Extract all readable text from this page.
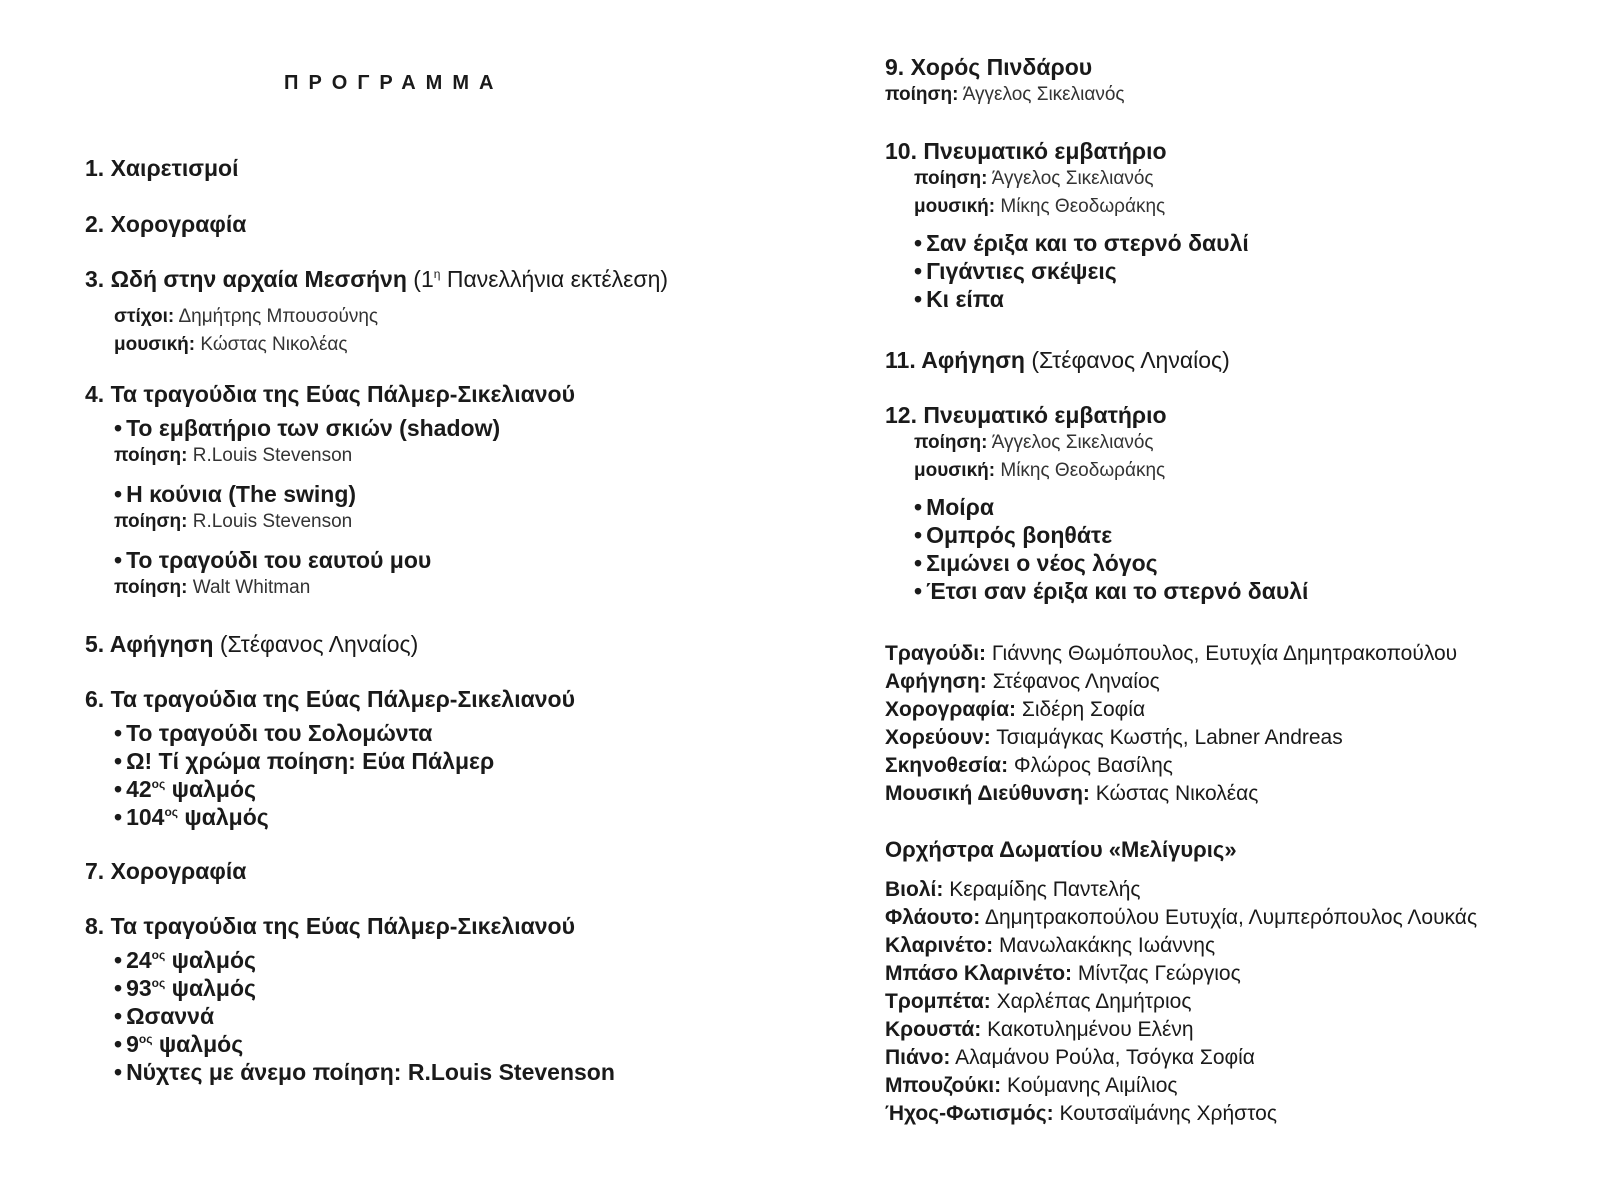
ΠΡΟΓΡΑΜΜΑ
1. Χαιρετισμοί
2. Χορογραφία
3. Ωδή στην αρχαία Μεσσήνη ($1^\eta$ Πανελλήνια εκτέλεση)
στίχοι: Δημήτρης Μπουσούνης
μουσική: Κώστας Νικολέας
4. Τα τραγούδια της Εύας Πάλμερ-Σικελιανού
• Το εμβατήριο των σκιών (shadow)
ποίηση: R.Louis Stevenson
• Η κούνια (The swing)
ποίηση: R.Louis Stevenson
• Το τραγούδι του εαυτού μου
ποίηση: Walt Whitman
5. Αφήγηση (Στέφανος Ληναίος)
6. Τα τραγούδια της Εύας Πάλμερ-Σικελιανού
• Το τραγούδι του Σολομώντα
• Ω! Τί χρώμα ποίηση: Εύα Πάλμερ
• $42^{o\varsigma}$ ψαλμός
• $104^{o\varsigma}$ ψαλμός
7. Χορογραφία
8. Τα τραγούδια της Εύας Πάλμερ-Σικελιανού
• $24^{o\varsigma}$ ψαλμός
• $93^{o\varsigma}$ ψαλμός
• Ωσαννά
• $9^{o\varsigma}$ ψαλμός
• Νύχτες με άνεμο ποίηση: R.Louis Stevenson
9. Χορός Πινδάρου
ποίηση: Άγγελος Σικελιανός
10. Πνευματικό εμβατήριο
ποίηση: Άγγελος Σικελιανός
μουσική: Μίκης Θεοδωράκης
• Σαν έριξα και το στερνό δαυλί
• Γιγάντιες σκέψεις
• Κι είπα
11. Αφήγηση (Στέφανος Ληναίος)
12. Πνευματικό εμβατήριο
ποίηση: Άγγελος Σικελιανός
μουσική: Μίκης Θεοδωράκης
• Μοίρα
• Ομπρός βοηθάτε
• Σιμώνει ο νέος λόγος
• Έτσι σαν έριξα και το στερνό δαυλί
Τραγούδι: Γιάννης Θωμόπουλος, Ευτυχία Δημητρακοπούλου
Αφήγηση: Στέφανος Ληναίος
Χορογραφία: Σιδέρη Σοφία
Χορεύουν: Τσιαμάγκας Κωστής, Labner Andreas
Σκηνοθεσία: Φλώρος Βασίλης
Μουσική Διεύθυνση: Κώστας Νικολέας
Ορχήστρα Δωματίου «Μελίγυρις»
Βιολί: Κεραμίδης Παντελής
Φλάουτο: Δημητρακοπούλου Ευτυχία, Λυμπερόπουλος Λουκάς
Κλαρινέτο: Μανωλακάκης Ιωάννης
Μπάσο Κλαρινέτο: Μίντζας Γεώργιος
Τρομπέτα: Χαρλέπας Δημήτριος
Κρουστά: Κακοτυλημένου Ελένη
Πιάνο: Αλαμάνου Ρούλα, Τσόγκα Σοφία
Μπουζούκι: Κούμανης Αιμίλιος
Ήχος-Φωτισμός: Κουτσαϊμάνης Χρήστος
